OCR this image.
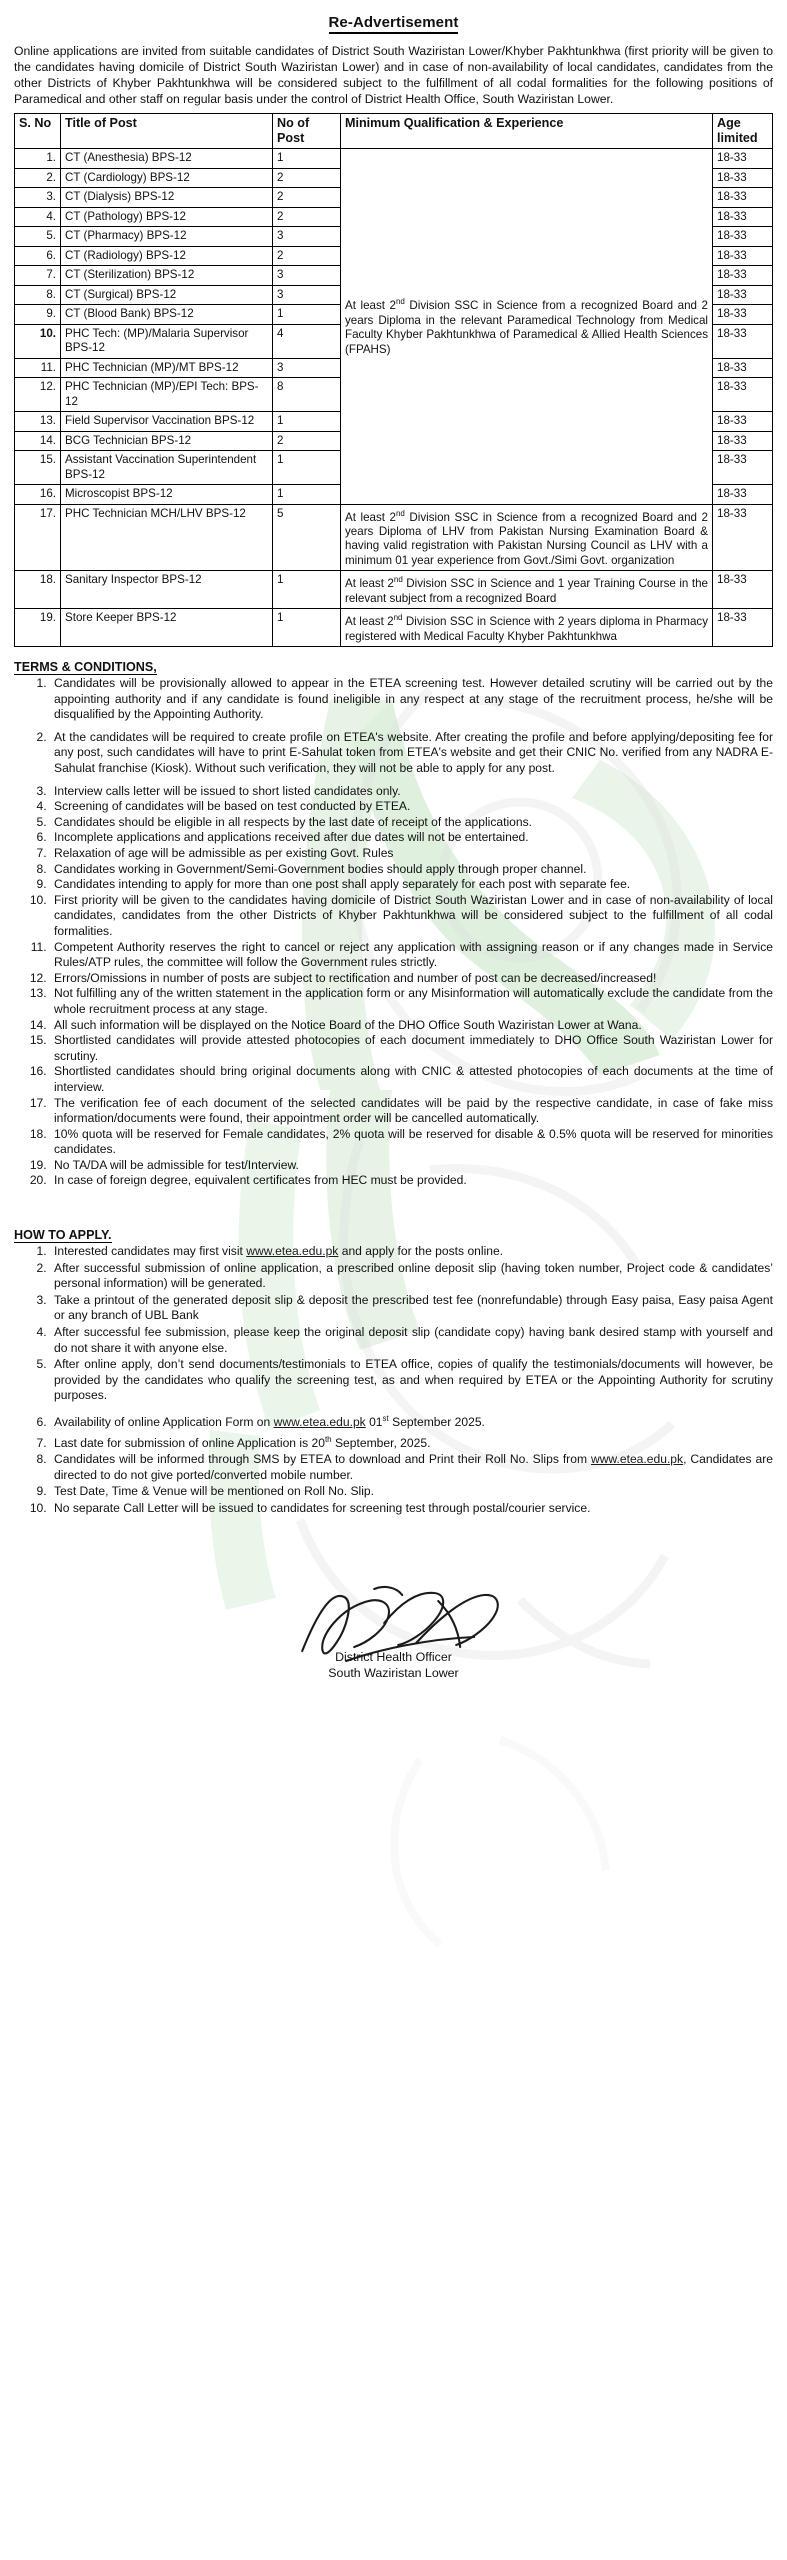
Re-Advertisement

Online applications are invited from suitable candidates of District South Waziristan Lower/Khyber Pakhtunkhwa (first priority will be given to the candidates having domicile of District South Waziristan Lower) and in case of non-availability of local candidates, candidates from the other Districts of Khyber Pakhtunkhwa will be considered subject to the fulfillment of all codal formalities for the following positions of Paramedical and other staff on regular basis under the control of District Health Office, South Waziristan Lower.

S. No	Title of Post	No of Post	Minimum Qualification & Experience	Age limited
1.	CT (Anesthesia) BPS-12	1	At least 2nd Division SSC in Science from a recognized Board and 2 years Diploma in the relevant Paramedical Technology from Medical Faculty Khyber Pakhtunkhwa of Paramedical & Allied Health Sciences (FPAHS)	18-33
2.	CT (Cardiology) BPS-12	2		18-33
3.	CT (Dialysis) BPS-12	2		18-33
4.	CT (Pathology) BPS-12	2		18-33
5.	CT (Pharmacy) BPS-12	3		18-33
6.	CT (Radiology) BPS-12	2		18-33
7.	CT (Sterilization) BPS-12	3		18-33
8.	CT (Surgical) BPS-12	3		18-33
9.	CT (Blood Bank) BPS-12	1		18-33
10.	PHC Tech: (MP)/Malaria Supervisor BPS-12	4		18-33
11.	PHC Technician (MP)/MT BPS-12	3		18-33
12.	PHC Technician (MP)/EPI Tech: BPS-12	8		18-33
13.	Field Supervisor Vaccination BPS-12	1		18-33
14.	BCG Technician BPS-12	2		18-33
15.	Assistant Vaccination Superintendent BPS-12	1		18-33
16.	Microscopist BPS-12	1		18-33
17.	PHC Technician MCH/LHV BPS-12	5	At least 2nd Division SSC in Science from a recognized Board and 2 years Diploma of LHV from Pakistan Nursing Examination Board & having valid registration with Pakistan Nursing Council as LHV with a minimum 01 year experience from Govt./Simi Govt. organization	18-33
18.	Sanitary Inspector BPS-12	1	At least 2nd Division SSC in Science and 1 year Training Course in the relevant subject from a recognized Board	18-33
19.	Store Keeper BPS-12	1	At least 2nd Division SSC in Science with 2 years diploma in Pharmacy registered with Medical Faculty Khyber Pakhtunkhwa	18-33
TERMS & CONDITIONS,
1. Candidates will be provisionally allowed to appear in the ETEA screening test. However detailed scrutiny will be carried out by the appointing authority and if any candidate is found ineligible in any respect at any stage of the recruitment process, he/she will be disqualified by the Appointing Authority.
2. At the candidates will be required to create profile on ETEA's website. After creating the profile and before applying/depositing fee for any post, such candidates will have to print E-Sahulat token from ETEA's website and get their CNIC No. verified from any NADRA E-Sahulat franchise (Kiosk). Without such verification, they will not be able to apply for any post.
3. Interview calls letter will be issued to short listed candidates only.
4. Screening of candidates will be based on test conducted by ETEA.
5. Candidates should be eligible in all respects by the last date of receipt of the applications.
6. Incomplete applications and applications received after due dates will not be entertained.
7. Relaxation of age will be admissible as per existing Govt. Rules
8. Candidates working in Government/Semi-Government bodies should apply through proper channel.
9. Candidates intending to apply for more than one post shall apply separately for each post with separate fee.
10. First priority will be given to the candidates having domicile of District South Waziristan Lower and in case of non-availability of local candidates, candidates from the other Districts of Khyber Pakhtunkhwa will be considered subject to the fulfillment of all codal formalities.
11. Competent Authority reserves the right to cancel or reject any application with assigning reason or if any changes made in Service Rules/ATP rules, the committee will follow the Government rules strictly.
12. Errors/Omissions in number of posts are subject to rectification and number of post can be decreased/increased!
13. Not fulfilling any of the written statement in the application form or any Misinformation will automatically exclude the candidate from the whole recruitment process at any stage.
14. All such information will be displayed on the Notice Board of the DHO Office South Waziristan Lower at Wana.
15. Shortlisted candidates will provide attested photocopies of each document immediately to DHO Office South Waziristan Lower for scrutiny.
16. Shortlisted candidates should bring original documents along with CNIC & attested photocopies of each documents at the time of interview.
17. The verification fee of each document of the selected candidates will be paid by the respective candidate, in case of fake miss information/documents were found, their appointment order will be cancelled automatically.
18. 10% quota will be reserved for Female candidates, 2% quota will be reserved for disable & 0.5% quota will be reserved for minorities candidates.
19. No TA/DA will be admissible for test/Interview.
20. In case of foreign degree, equivalent certificates from HEC must be provided.
HOW TO APPLY.
1. Interested candidates may first visit www.etea.edu.pk and apply for the posts online.
2. After successful submission of online application, a prescribed online deposit slip (having token number, Project code & candidates’ personal information) will be generated.
3. Take a printout of the generated deposit slip & deposit the prescribed test fee (nonrefundable) through Easy paisa, Easy paisa Agent or any branch of UBL Bank
4. After successful fee submission, please keep the original deposit slip (candidate copy) having bank desired stamp with yourself and do not share it with anyone else.
5. After online apply, don’t send documents/testimonials to ETEA office, copies of qualify the testimonials/documents will however, be provided by the candidates who qualify the screening test, as and when required by ETEA or the Appointing Authority for scrutiny purposes.
6. Availability of online Application Form on www.etea.edu.pk 01st September 2025.
7. Last date for submission of online Application is 20th September, 2025.
8. Candidates will be informed through SMS by ETEA to download and Print their Roll No. Slips from www.etea.edu.pk, Candidates are directed to do not give ported/converted mobile number.
9. Test Date, Time & Venue will be mentioned on Roll No. Slip.
10. No separate Call Letter will be issued to candidates for screening test through postal/courier service.
District Health Officer
South Waziristan Lower
